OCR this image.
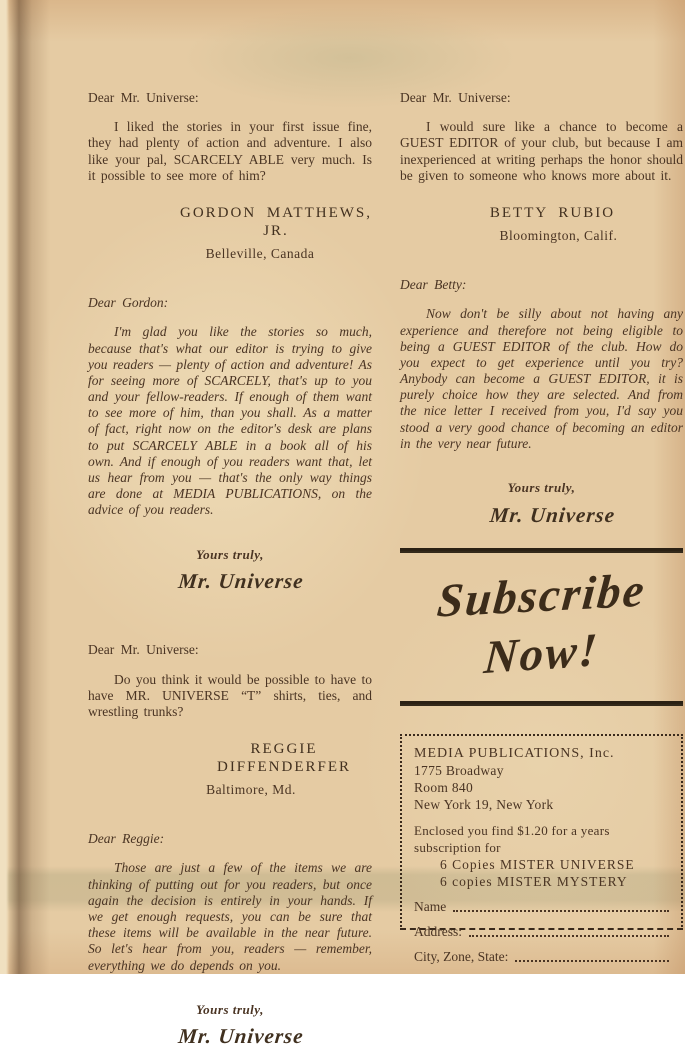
Dear Mr. Universe:

I liked the stories in your first issue fine, they had plenty of action and adventure. I also like your pal, SCARCELY ABLE very much. Is it possible to see more of him?

GORDON MATTHEWS, JR.

Belleville, Canada

Dear Gordon:

I'm glad you like the stories so much, because that's what our editor is trying to give you readers — plenty of action and adventure! As for seeing more of SCARCELY, that's up to you and your fellow-readers. If enough of them want to see more of him, than you shall. As a matter of fact, right now on the editor's desk are plans to put SCARCELY ABLE in a book all of his own. And if enough of you readers want that, let us hear from you — that's the only way things are done at MEDIA PUBLICATIONS, on the advice of you readers.

Yours truly,

Mr. Universe

Dear Mr. Universe:

Do you think it would be possible to have to have MR. UNIVERSE “T” shirts, ties, and wrestling trunks?

REGGIE DIFFENDERFER

Baltimore, Md.

Dear Reggie:

Those are just a few of the items we are thinking of putting out for you readers, but once again the decision is entirely in your hands. If we get enough requests, you can be sure that these items will be available in the near future. So let's hear from you, readers — remember, everything we do depends on you.

Yours truly,

Mr. Universe

Dear Mr. Universe:

I would sure like a chance to become a GUEST EDITOR of your club, but because I am inexperienced at writing perhaps the honor should be given to someone who knows more about it.

BETTY RUBIO

Bloomington, Calif.

Dear Betty:

Now don't be silly about not having any experience and therefore not being eligible to being a GUEST EDITOR of the club. How do you expect to get experience until you try? Anybody can become a GUEST EDITOR, it is purely choice how they are selected. And from the nice letter I received from you, I'd say you stood a very good chance of becoming an editor in the very near future.

Yours truly,

Mr. Universe

Subscribe
Now!

MEDIA PUBLICATIONS, Inc.

1775 Broadway

Room 840

New York 19, New York

Enclosed you find $1.20 for a years subscription for

6 Copies MISTER UNIVERSE

6 copies MISTER MYSTERY

Name
Address:
City, Zone, State:
